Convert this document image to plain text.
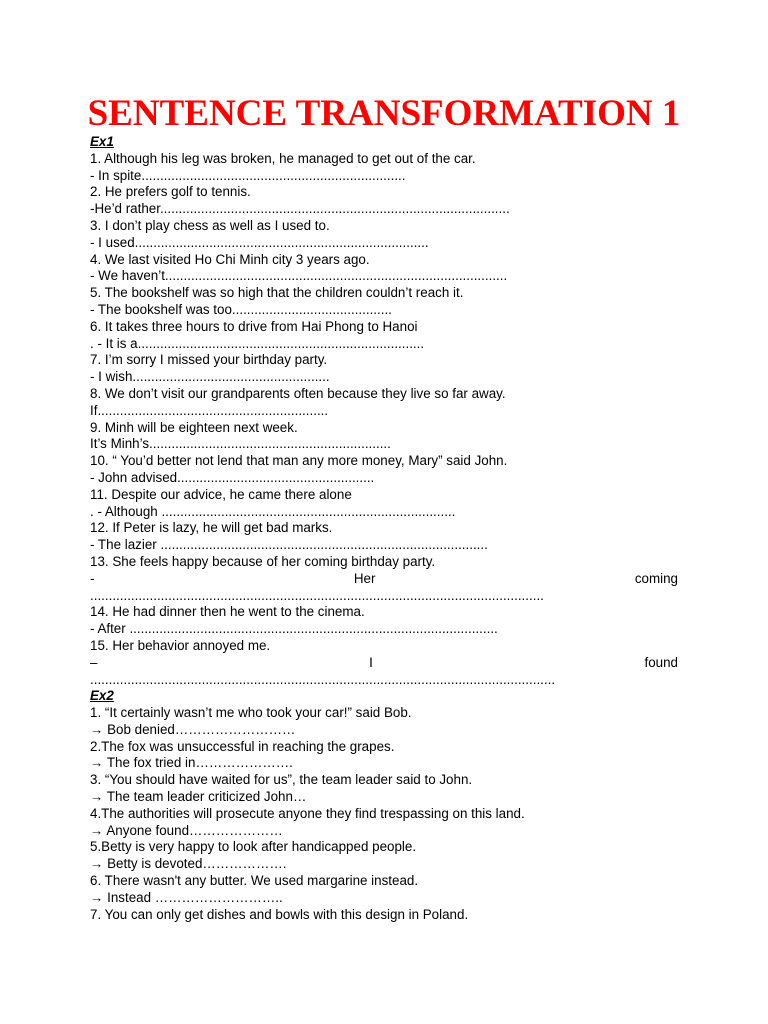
SENTENCE TRANSFORMATION 1
Ex1
1. Although his leg was broken, he managed to get out of the car.
- In spite.......................................................................
2. He prefers golf to tennis.
-He’d rather..............................................................................................
3. I don’t play chess as well as I used to.
- I used...............................................................................
4. We last visited Ho Chi Minh city 3 years ago.
- We haven’t............................................................................................
5. The bookshelf was so high that the children couldn’t reach it.
- The bookshelf was too...........................................
6. It takes three hours to drive from Hai Phong to Hanoi
. - It is a.............................................................................
7. I’m sorry I missed your birthday party.
- I wish.....................................................
8. We don’t visit our grandparents often because they live so far away.
If..............................................................
9. Minh will be eighteen next week.
It’s Minh’s.................................................................
10. “ You’d better not lend that man any more money, Mary” said John.
- John advised.....................................................
11. Despite our advice, he came there alone
. - Although ...............................................................................
12. If Peter is lazy, he will get bad marks.
- The lazier ........................................................................................
13. She feels happy because of her coming birthday party.
-	Her	coming
..........................................................................................................................
14. He had dinner then he went to the cinema.
- After ...................................................................................................
15. Her behavior annoyed me.
–	I	found
.............................................................................................................................
Ex2
1. “It certainly wasn’t me who took your car!” said Bob.
→ Bob denied………………………
2.The fox was unsuccessful in reaching the grapes.
→ The fox tried in………………….
3. “You should have waited for us”, the team leader said to John.
→ The team leader criticized John…
4.The authorities will prosecute anyone they find trespassing on this land.
→ Anyone found…………………
5.Betty is very happy to look after handicapped people.
→ Betty is devoted……………….
6. There wasn't any butter. We used margarine instead.
→ Instead ………………………..
7. You can only get dishes and bowls with this design in Poland.
